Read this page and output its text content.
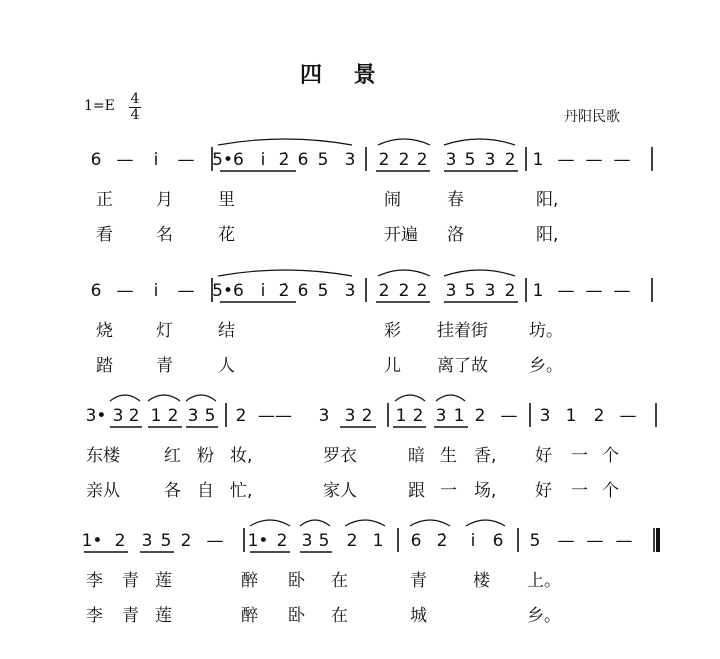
四 景
1=E 4
4	丹阳民歌
6 — i̇ — 5•6 i̇ 2̇ 6 5 3 2 2 2 3 5 3 2 1 — — —
正	月	里	闹	春	阳,
看	名	花	开遍 洛	阳,
6 — i̇ — 5•6 i̇ 2̇ 6 5 3 2 2 2 3 5 3 2 1 — — —
烧	灯	结	彩 挂着街 坊。
踏	青	人	儿 离了故 乡。
3• 3 2 1 2 3 5 2 —— 3 3 2 1 2 3 1 2 — 3 1 2 —
东楼	红 粉 妆,	罗衣	暗 生 香, 好 一 个
亲从	各 自 忙,	家人	跟 一 场, 好 一 个
1• 2 3 5 2 — 1• 2 3 5 2 1 6 2̇ i̇ 6 5 — — —
李 青 莲	醉 卧 在	青	楼 上。
李 青 莲	醉 卧 在	城	乡。
